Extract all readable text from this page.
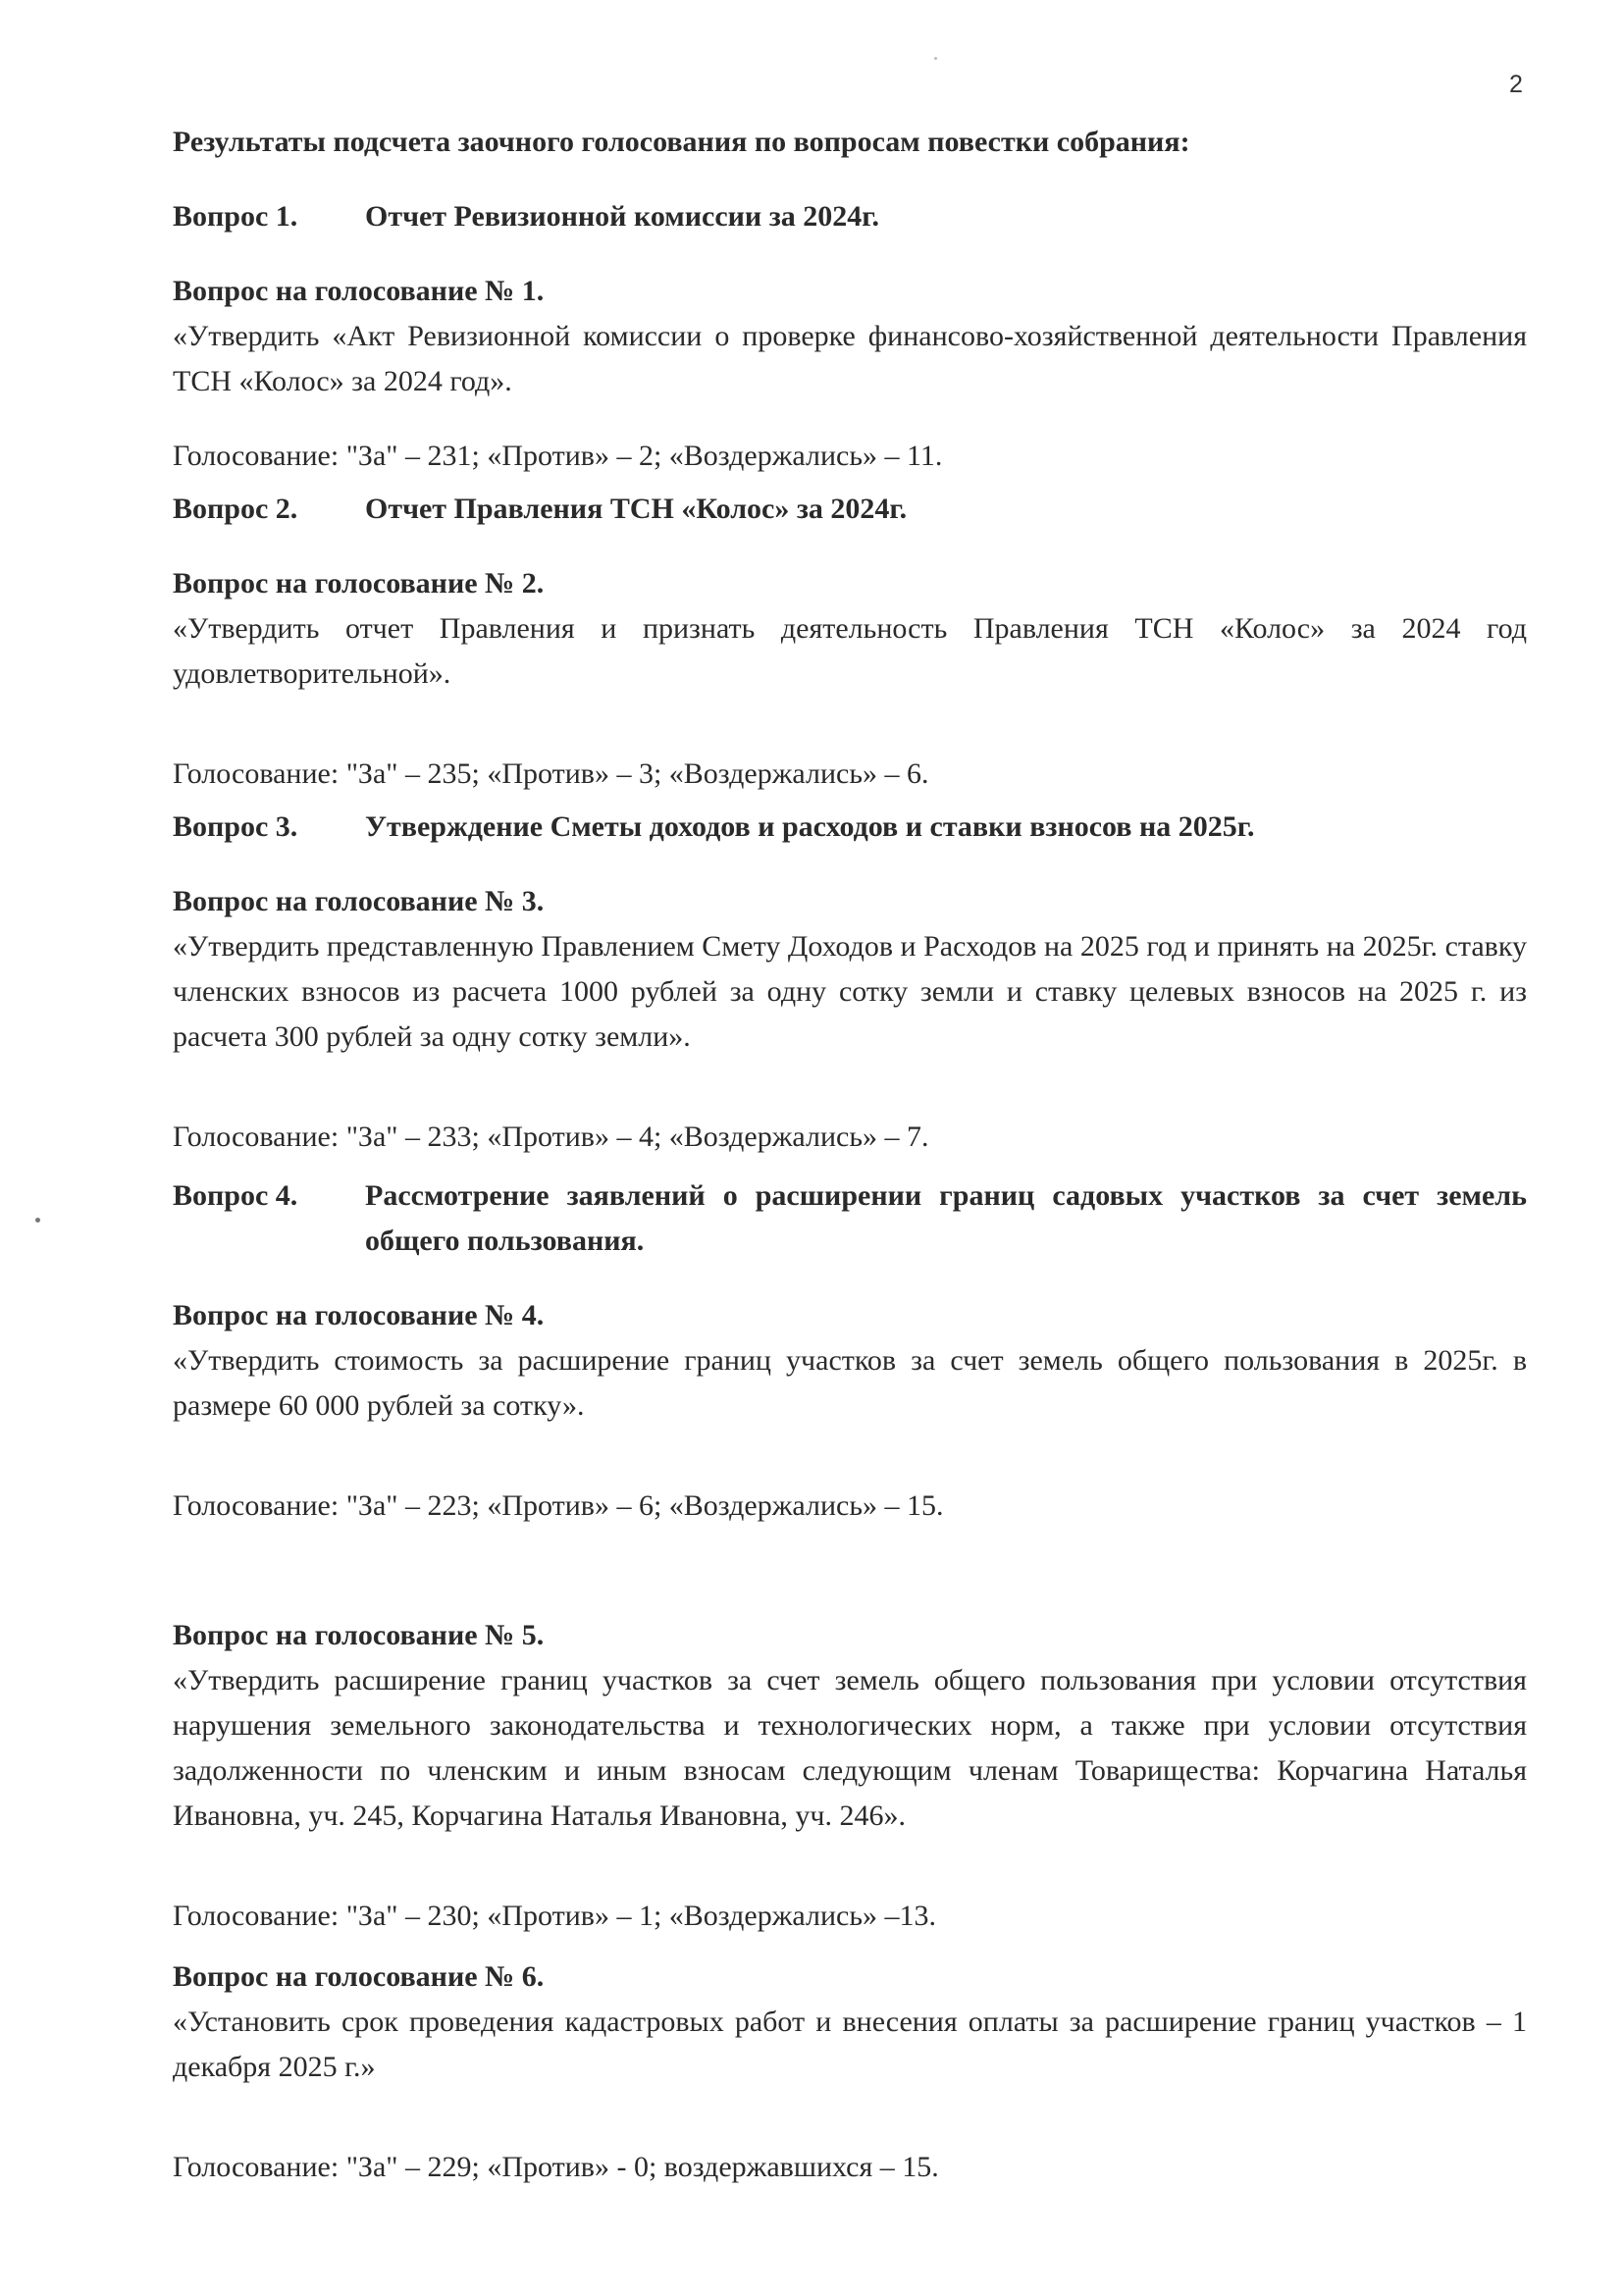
2
Результаты подсчета заочного голосования по вопросам повестки собрания:
Вопрос 1.	Отчет Ревизионной комиссии за 2024г.
Вопрос на голосование № 1.
«Утвердить «Акт Ревизионной комиссии о проверке финансово-хозяйственной деятельности Правления ТСН «Колос» за 2024 год».
Голосование: "За" – 231; «Против» – 2; «Воздержались» – 11.
Вопрос 2.	Отчет Правления ТСН «Колос» за 2024г.
Вопрос на голосование № 2.
«Утвердить отчет Правления и признать деятельность Правления ТСН «Колос» за 2024 год удовлетворительной».
Голосование: "За" – 235; «Против» – 3; «Воздержались» – 6.
Вопрос 3.	Утверждение Сметы доходов и расходов и ставки взносов на 2025г.
Вопрос на голосование № 3.
«Утвердить представленную Правлением Смету Доходов и Расходов на 2025 год и принять на 2025г. ставку членских взносов из расчета 1000 рублей за одну сотку земли и ставку целевых взносов на 2025 г. из расчета 300 рублей за одну сотку земли».
Голосование: "За" – 233; «Против» – 4; «Воздержались» – 7.
Вопрос 4.	Рассмотрение заявлений о расширении границ садовых участков за счет земель общего пользования.
Вопрос на голосование № 4.
«Утвердить стоимость за расширение границ участков за счет земель общего пользования в 2025г. в размере 60 000 рублей за сотку».
Голосование: "За" – 223; «Против» – 6; «Воздержались» – 15.
Вопрос на голосование № 5.
«Утвердить расширение границ участков за счет земель общего пользования при условии отсутствия нарушения земельного законодательства и технологических норм, а также при условии отсутствия задолженности по членским и иным взносам следующим членам Товарищества: Корчагина Наталья Ивановна, уч. 245, Корчагина Наталья Ивановна, уч. 246».
Голосование: "За" – 230; «Против» – 1; «Воздержались» –13.
Вопрос на голосование № 6.
«Установить срок проведения кадастровых работ и внесения оплаты за расширение границ участков – 1 декабря 2025 г.»
Голосование: "За" – 229; «Против» - 0; воздержавшихся – 15.
